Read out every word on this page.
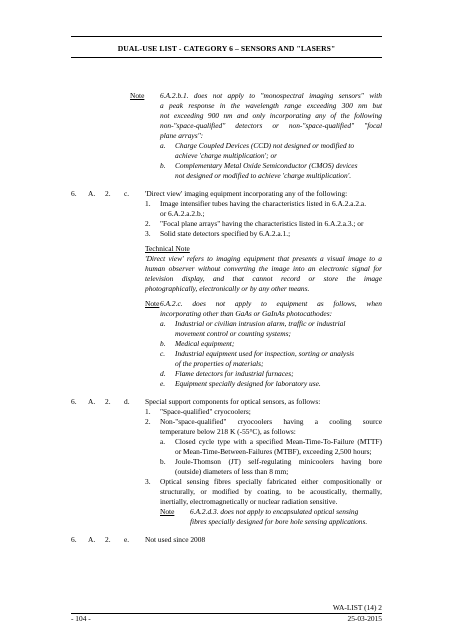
DUAL-USE LIST - CATEGORY 6 – SENSORS AND "LASERS"
Note 6.A.2.b.1. does not apply to "monospectral imaging sensors" with
a peak response in the wavelength range exceeding 300 nm but
not exceeding 900 nm and only incorporating any of the following
non-"space-qualified" detectors or non-"space-qualified" "focal
plane arrays":
a. Charge Coupled Devices (CCD) not designed or modified to
achieve 'charge multiplication'; or
b. Complementary Metal Oxide Semiconductor (CMOS) devices
not designed or modified to achieve 'charge multiplication'.
6. A. 2. c. 'Direct view' imaging equipment incorporating any of the following:
1. Image intensifier tubes having the characteristics listed in 6.A.2.a.2.a.
or 6.A.2.a.2.b.;
2. "Focal plane arrays" having the characteristics listed in 6.A.2.a.3.; or
3. Solid state detectors specified by 6.A.2.a.1.;
Technical Note
'Direct view' refers to imaging equipment that presents a visual image to a
human observer without converting the image into an electronic signal for
television display, and that cannot record or store the image
photographically, electronically or by any other means.
Note 6.A.2.c. does not apply to equipment as follows, when
incorporating other than GaAs or GaInAs photocathodes:
a. Industrial or civilian intrusion alarm, traffic or industrial
movement control or counting systems;
b. Medical equipment;
c. Industrial equipment used for inspection, sorting or analysis
of the properties of materials;
d. Flame detectors for industrial furnaces;
e. Equipment specially designed for laboratory use.
6. A. 2. d. Special support components for optical sensors, as follows:
1. "Space-qualified" cryocoolers;
2. Non-"space-qualified" cryocoolers having a cooling source
temperature below 218 K (-55°C), as follows:
a. Closed cycle type with a specified Mean-Time-To-Failure (MTTF)
or Mean-Time-Between-Failures (MTBF), exceeding 2,500 hours;
b. Joule-Thomson (JT) self-regulating minicoolers having bore
(outside) diameters of less than 8 mm;
3. Optical sensing fibres specially fabricated either compositionally or
structurally, or modified by coating, to be acoustically, thermally,
inertially, electromagnetically or nuclear radiation sensitive.
Note 6.A.2.d.3. does not apply to encapsulated optical sensing
fibres specially designed for bore hole sensing applications.
6. A. 2. e. Not used since 2008
WA-LIST (14) 2
- 104 -	25-03-2015
